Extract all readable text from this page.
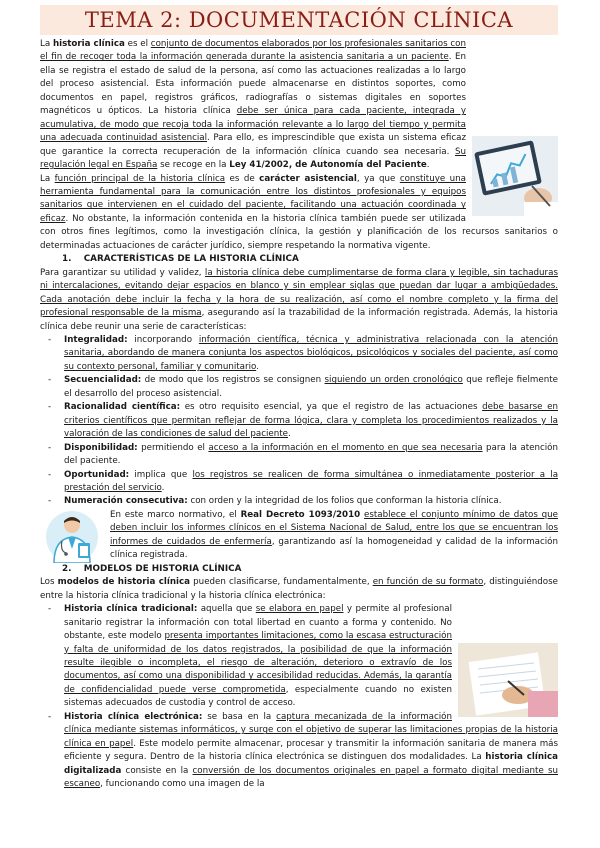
TEMA 2: DOCUMENTACIÓN CLÍNICA

La historia clínica es el conjunto de documentos elaborados por los profesionales sanitarios con el fin de recoger toda la información generada durante la asistencia sanitaria a un paciente. En ella se registra el estado de salud de la persona, así como las actuaciones realizadas a lo largo del proceso asistencial. Esta información puede almacenarse en distintos soportes, como documentos en papel, registros gráficos, radiografías o sistemas digitales en soportes magnéticos u ópticos. La historia clínica debe ser única para cada paciente, integrada y acumulativa, de modo que recoja toda la información relevante a lo largo del tiempo y permita una adecuada continuidad asistencial. Para ello, es imprescindible que exista un sistema eficaz que garantice la correcta recuperación de la información clínica cuando sea necesaria. Su regulación legal en España se recoge en la Ley 41/2002, de Autonomía del Paciente.

La función principal de la historia clínica es de carácter asistencial, ya que constituye una herramienta fundamental para la comunicación entre los distintos profesionales y equipos sanitarios que intervienen en el cuidado del paciente, facilitando una actuación coordinada y eficaz. No obstante, la información contenida en la historia clínica también puede ser utilizada con otros fines legítimos, como la investigación clínica, la gestión y planificación de los recursos sanitarios o determinadas actuaciones de carácter jurídico, siempre respetando la normativa vigente.

1.    CARACTERÍSTICAS DE LA HISTORIA CLÍNICA

Para garantizar su utilidad y validez, la historia clínica debe cumplimentarse de forma clara y legible, sin tachaduras ni intercalaciones, evitando dejar espacios en blanco y sin emplear siglas que puedan dar lugar a ambigüedades. Cada anotación debe incluir la fecha y la hora de su realización, así como el nombre completo y la firma del profesional responsable de la misma, asegurando así la trazabilidad de la información registrada. Además, la historia clínica debe reunir una serie de características:

- Integralidad: incorporando información científica, técnica y administrativa relacionada con la atención sanitaria, abordando de manera conjunta los aspectos biológicos, psicológicos y sociales del paciente, así como su contexto personal, familiar y comunitario.
- Secuencialidad: de modo que los registros se consignen siguiendo un orden cronológico que refleje fielmente el desarrollo del proceso asistencial.
- Racionalidad científica: es otro requisito esencial, ya que el registro de las actuaciones debe basarse en criterios científicos que permitan reflejar de forma lógica, clara y completa los procedimientos realizados y la valoración de las condiciones de salud del paciente.
- Disponibilidad: permitiendo el acceso a la información en el momento en que sea necesaria para la atención del paciente.
- Oportunidad: implica que los registros se realicen de forma simultánea o inmediatamente posterior a la prestación del servicio.
- Numeración consecutiva: con orden y la integridad de los folios que conforman la historia clínica.

En este marco normativo, el Real Decreto 1093/2010 establece el conjunto mínimo de datos que deben incluir los informes clínicos en el Sistema Nacional de Salud, entre los que se encuentran los informes de cuidados de enfermería, garantizando así la homogeneidad y calidad de la información clínica registrada.

2.    MODELOS DE HISTORIA CLÍNICA

Los modelos de historia clínica pueden clasificarse, fundamentalmente, en función de su formato, distinguiéndose entre la historia clínica tradicional y la historia clínica electrónica:

- Historia clínica tradicional: aquella que se elabora en papel y permite al profesional sanitario registrar la información con total libertad en cuanto a forma y contenido. No obstante, este modelo presenta importantes limitaciones, como la escasa estructuración y falta de uniformidad de los datos registrados, la posibilidad de que la información resulte ilegible o incompleta, el riesgo de alteración, deterioro o extravío de los documentos, así como una disponibilidad y accesibilidad reducidas. Además, la garantía de confidencialidad puede verse comprometida, especialmente cuando no existen sistemas adecuados de custodia y control de acceso.
- Historia clínica electrónica: se basa en la captura mecanizada de la información clínica mediante sistemas informáticos, y surge con el objetivo de superar las limitaciones propias de la historia clínica en papel. Este modelo permite almacenar, procesar y transmitir la información sanitaria de manera más eficiente y segura. Dentro de la historia clínica electrónica se distinguen dos modalidades. La historia clínica digitalizada consiste en la conversión de los documentos originales en papel a formato digital mediante su escaneo, funcionando como una imagen de la
